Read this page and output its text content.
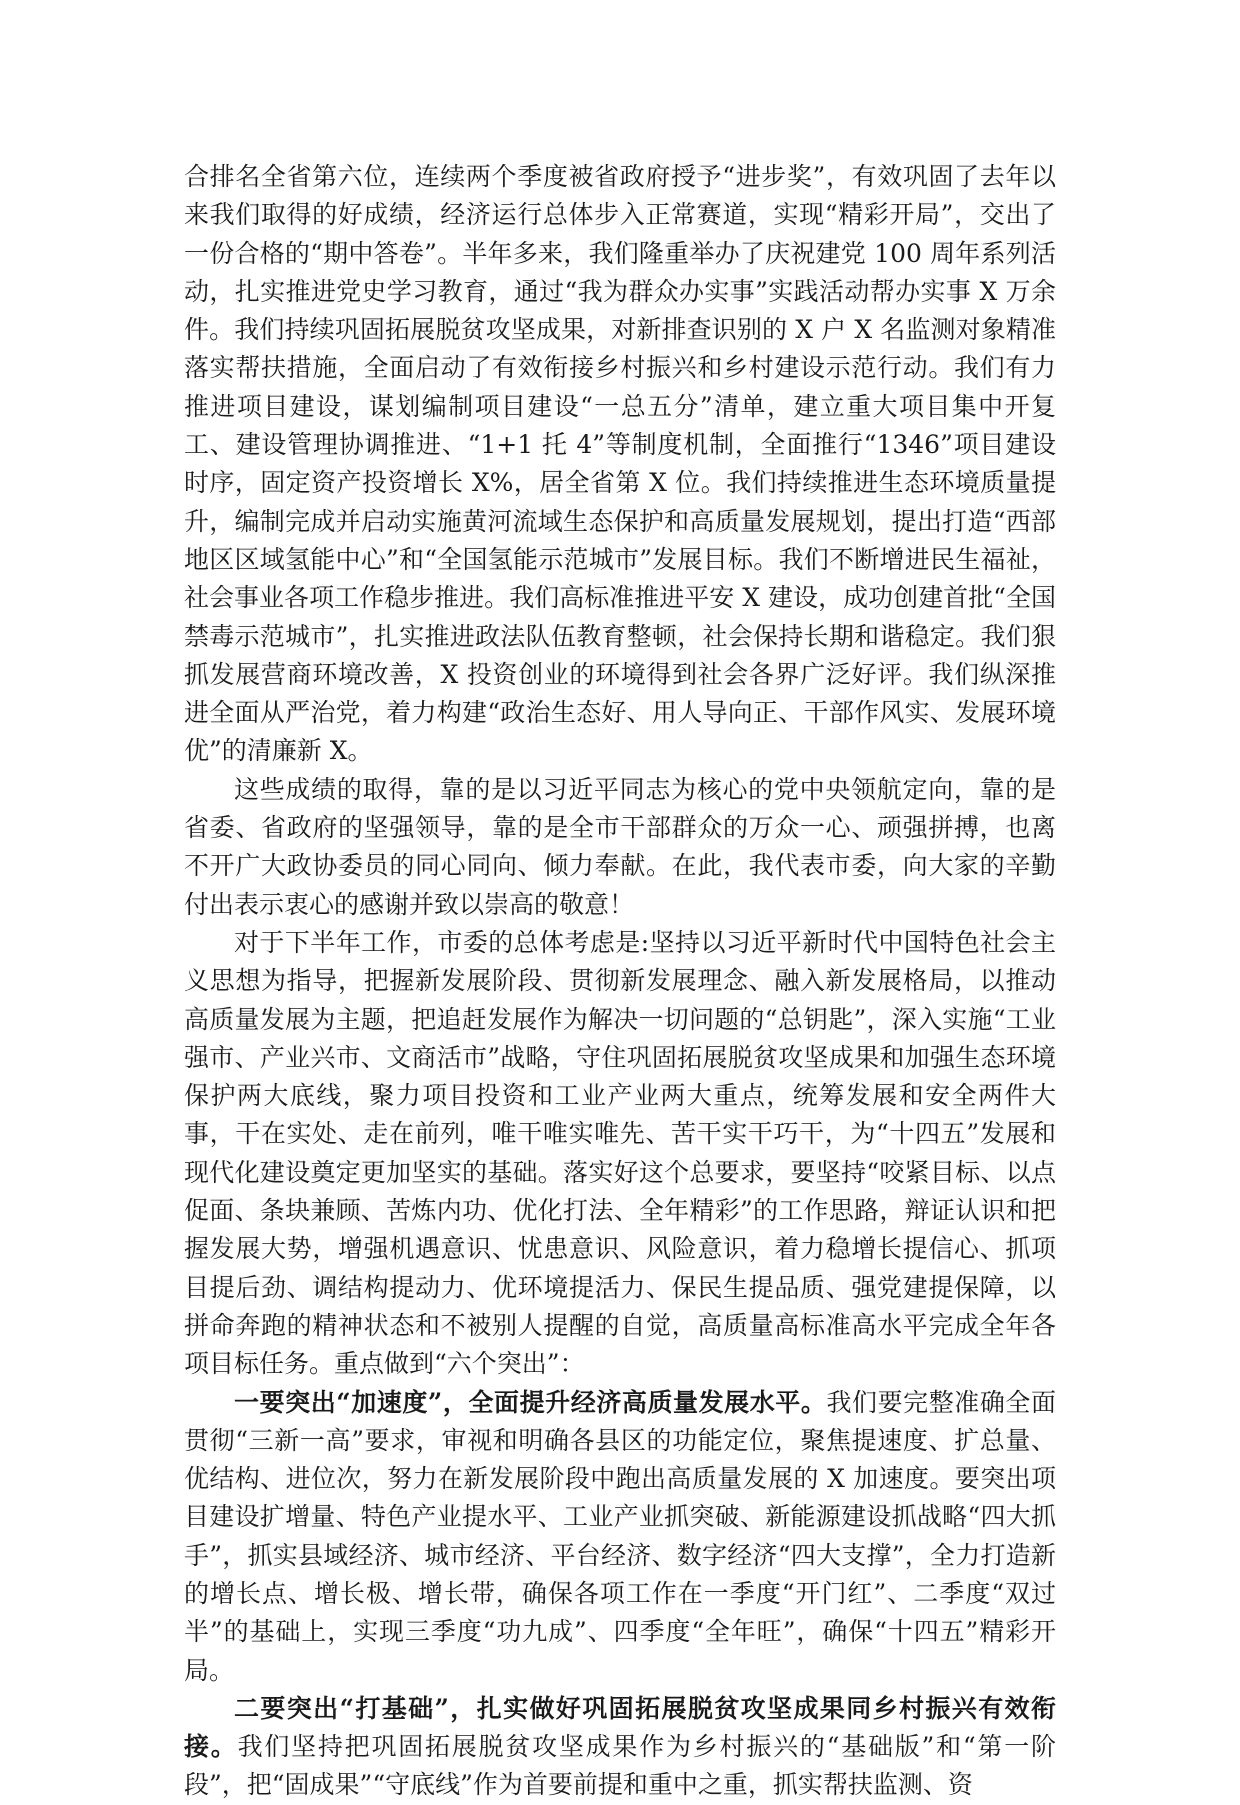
合排名全省第六位，连续两个季度被省政府授予“进步奖”，有效巩固了去年以来我们取得的好成绩，经济运行总体步入正常赛道，实现“精彩开局”，交出了一份合格的“期中答卷”。半年多来，我们隆重举办了庆祝建党 100 周年系列活动，扎实推进党史学习教育，通过“我为群众办实事”实践活动帮办实事 X 万余件。我们持续巩固拓展脱贫攻坚成果，对新排查识别的 X 户 X 名监测对象精准落实帮扶措施，全面启动了有效衔接乡村振兴和乡村建设示范行动。我们有力推进项目建设，谋划编制项目建设“一总五分”清单，建立重大项目集中开复工、建设管理协调推进、“1+1 托 4”等制度机制，全面推行“1346”项目建设时序，固定资产投资增长 X%，居全省第 X 位。我们持续推进生态环境质量提升，编制完成并启动实施黄河流域生态保护和高质量发展规划，提出打造“西部地区区域氢能中心”和“全国氢能示范城市”发展目标。我们不断增进民生福祉，社会事业各项工作稳步推进。我们高标准推进平安 X 建设，成功创建首批“全国禁毒示范城市”，扎实推进政法队伍教育整顿，社会保持长期和谐稳定。我们狠抓发展营商环境改善，X 投资创业的环境得到社会各界广泛好评。我们纵深推进全面从严治党，着力构建“政治生态好、用人导向正、干部作风实、发展环境优”的清廉新 X。

这些成绩的取得，靠的是以习近平同志为核心的党中央领航定向，靠的是省委、省政府的坚强领导，靠的是全市干部群众的万众一心、顽强拼搏，也离不开广大政协委员的同心同向、倾力奉献。在此，我代表市委，向大家的辛勤付出表示衷心的感谢并致以崇高的敬意！

对于下半年工作，市委的总体考虑是:坚持以习近平新时代中国特色社会主义思想为指导，把握新发展阶段、贯彻新发展理念、融入新发展格局，以推动高质量发展为主题，把追赶发展作为解决一切问题的“总钥匙”，深入实施“工业强市、产业兴市、文商活市”战略，守住巩固拓展脱贫攻坚成果和加强生态环境保护两大底线，聚力项目投资和工业产业两大重点，统筹发展和安全两件大事，干在实处、走在前列，唯干唯实唯先、苦干实干巧干，为“十四五”发展和现代化建设奠定更加坚实的基础。落实好这个总要求，要坚持“咬紧目标、以点促面、条块兼顾、苦炼内功、优化打法、全年精彩”的工作思路，辩证认识和把握发展大势，增强机遇意识、忧患意识、风险意识，着力稳增长提信心、抓项目提后劲、调结构提动力、优环境提活力、保民生提品质、强党建提保障，以拼命奔跑的精神状态和不被别人提醒的自觉，高质量高标准高水平完成全年各项目标任务。重点做到“六个突出”：

一要突出“加速度”，全面提升经济高质量发展水平。我们要完整准确全面贯彻“三新一高”要求，审视和明确各县区的功能定位，聚焦提速度、扩总量、优结构、进位次，努力在新发展阶段中跑出高质量发展的 X 加速度。要突出项目建设扩增量、特色产业提水平、工业产业抓突破、新能源建设抓战略“四大抓手”，抓实县域经济、城市经济、平台经济、数字经济“四大支撑”，全力打造新的增长点、增长极、增长带，确保各项工作在一季度“开门红”、二季度“双过半”的基础上，实现三季度“功九成”、四季度“全年旺”，确保“十四五”精彩开局。

二要突出“打基础”，扎实做好巩固拓展脱贫攻坚成果同乡村振兴有效衔接。我们坚持把巩固拓展脱贫攻坚成果作为乡村振兴的“基础版”和“第一阶段”，把“固成果”“守底线”作为首要前提和重中之重，抓实帮扶监测、资
